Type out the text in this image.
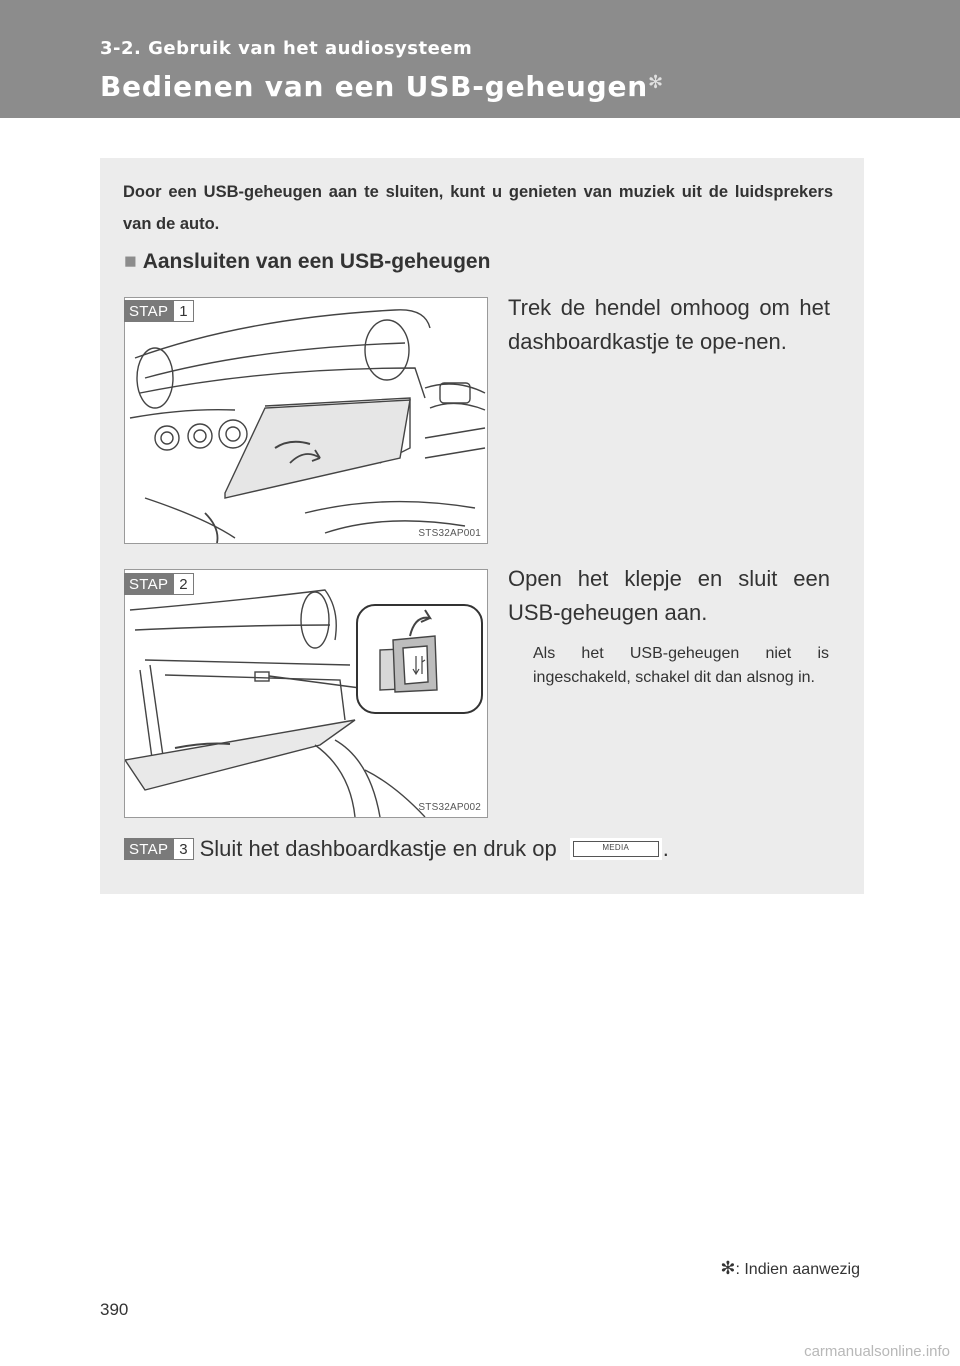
3-2. Gebruik van het audiosysteem
Bedienen van een USB-geheugen✻
Door een USB-geheugen aan te sluiten, kunt u genieten van muziek uit de luidsprekers van de auto.
■ Aansluiten van een USB-geheugen
STS32AP001
STAP 1	Trek de hendel omhoog om het dashboardkastje te ope-nen.
STS32AP002
STAP 2	Open het klepje en sluit een USB-geheugen aan.
Als het USB-geheugen niet is ingeschakeld, schakel dit dan alsnog in.
STAP 3 Sluit het dashboardkastje en druk op	MEDIA	.
✻: Indien aanwezig
390
carmanualsonline.info
